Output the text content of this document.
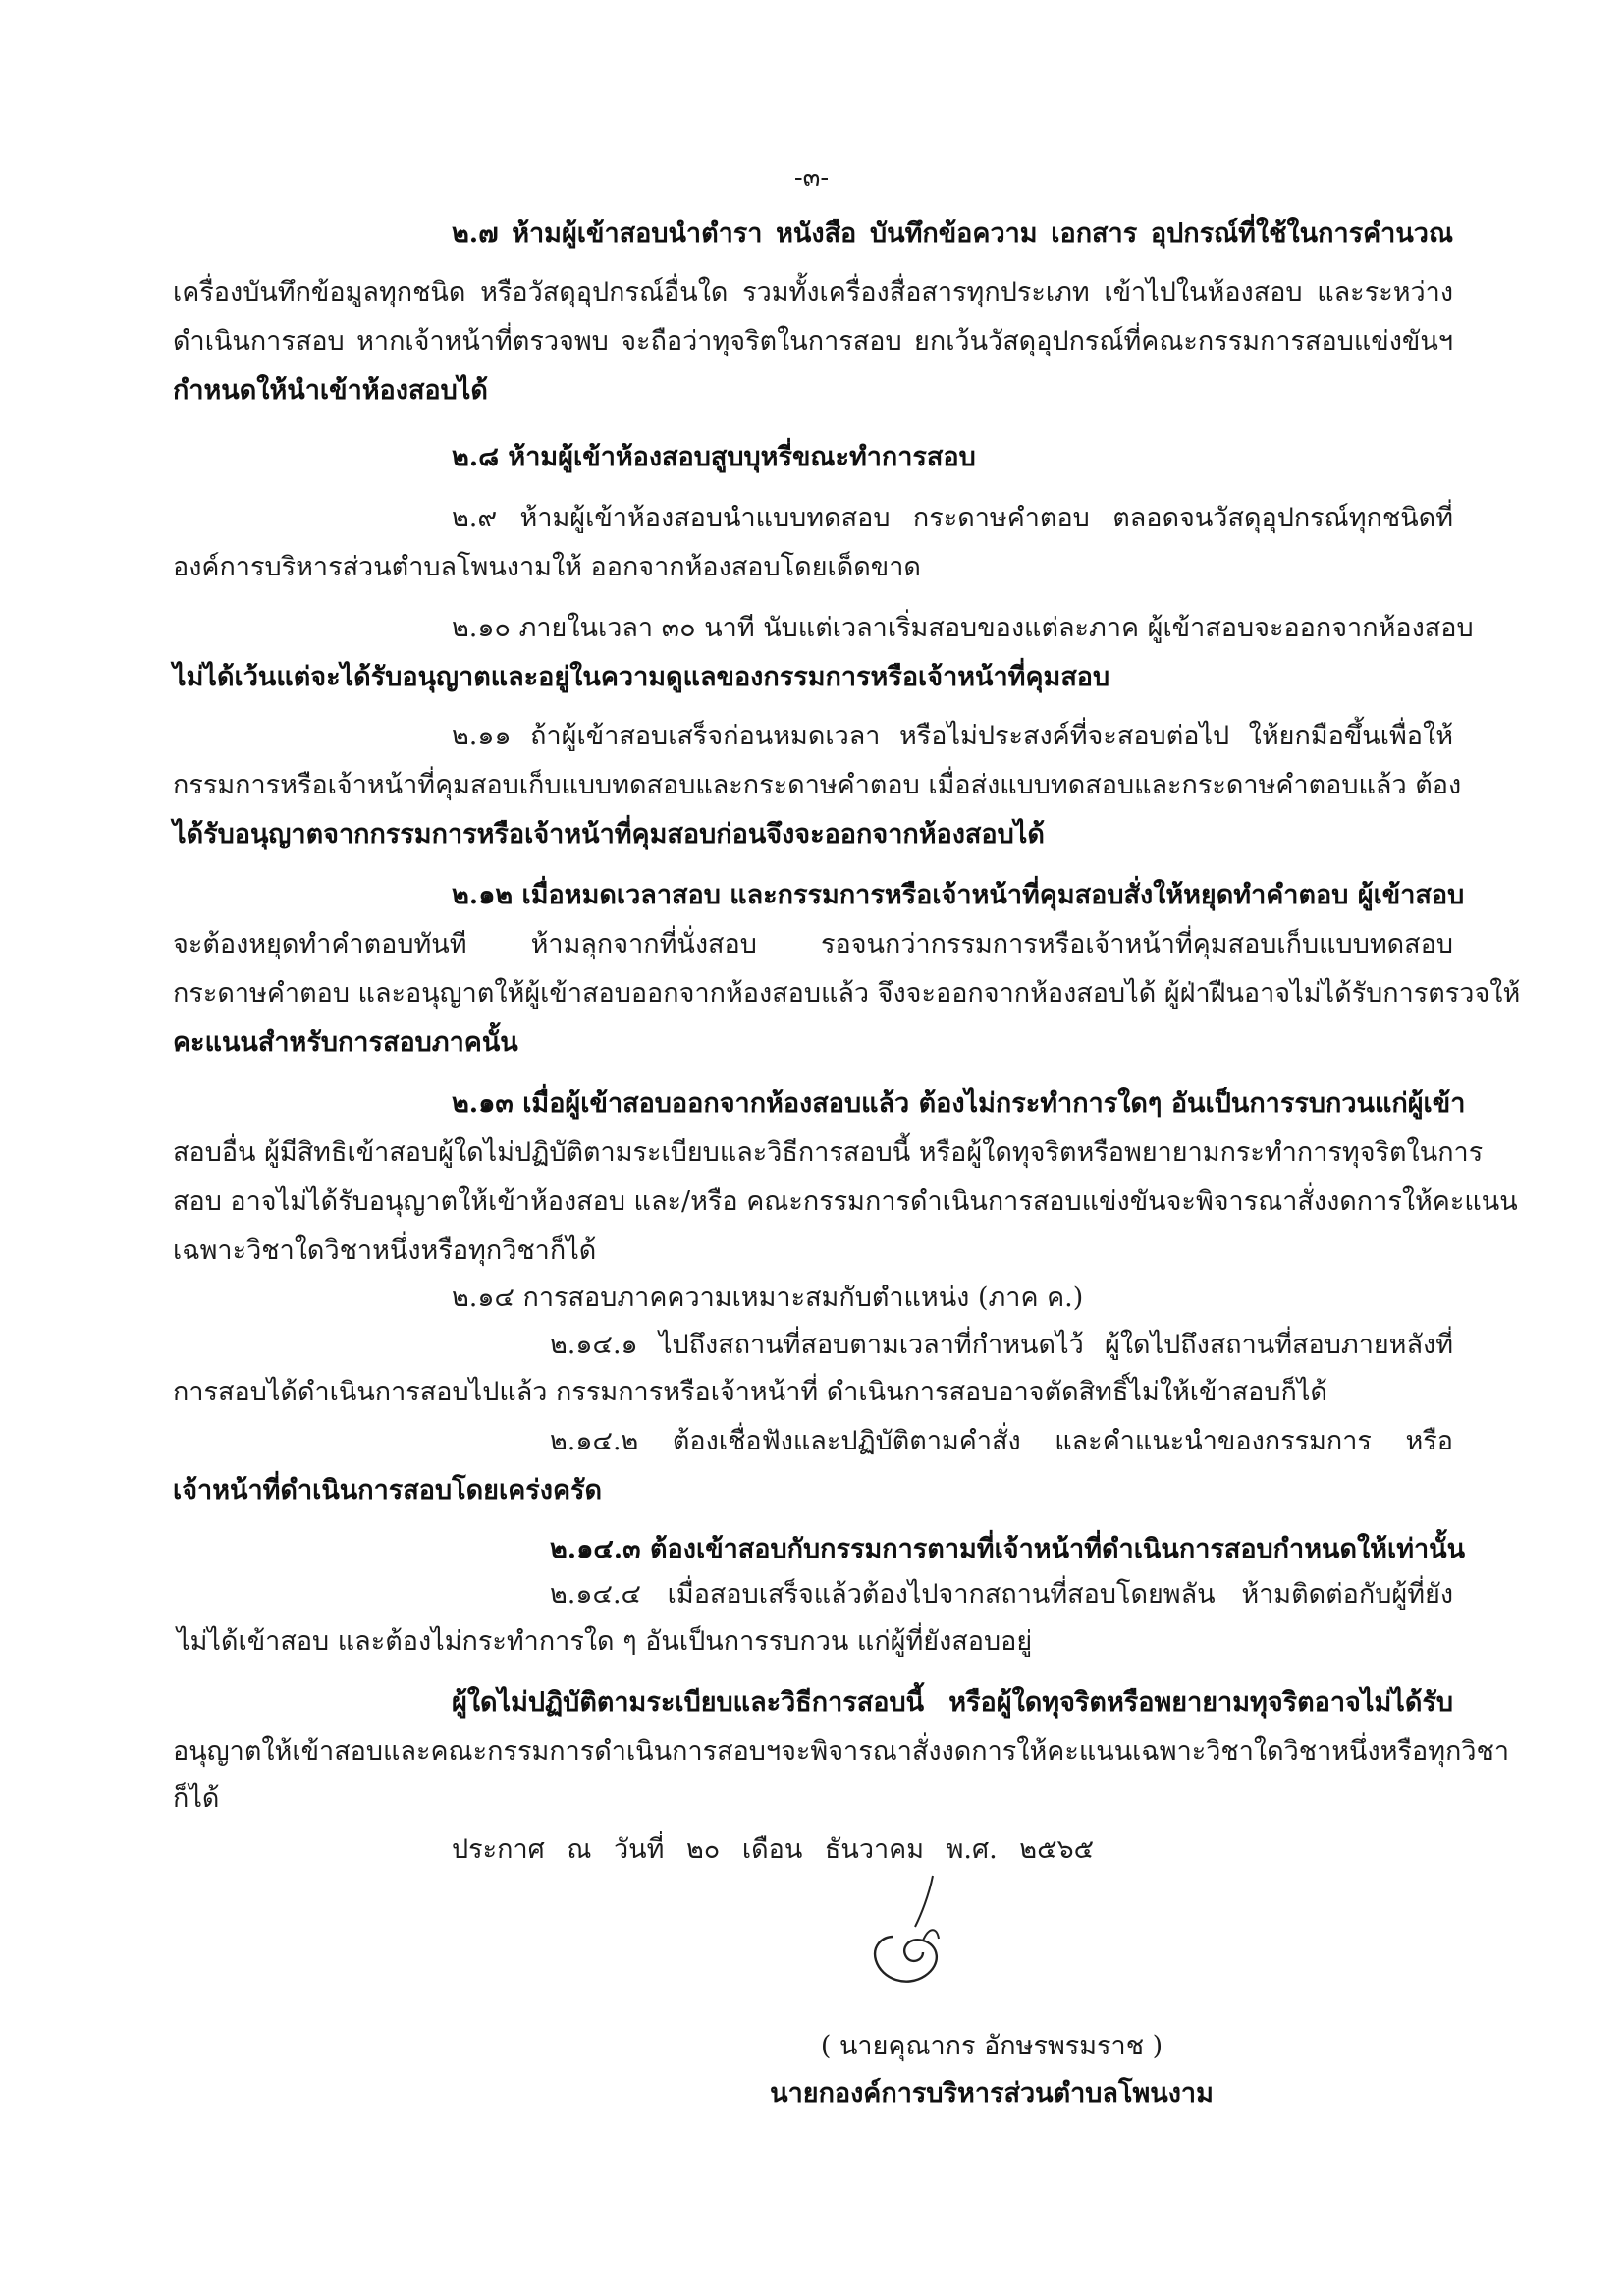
-๓-
๒.๗ ห้ามผู้เข้าสอบนำตำรา หนังสือ บันทึกข้อความ เอกสาร อุปกรณ์ที่ใช้ในการคำนวณ
เครื่องบันทึกข้อมูลทุกชนิด หรือวัสดุอุปกรณ์อื่นใด รวมทั้งเครื่องสื่อสารทุกประเภท เข้าไปในห้องสอบ และระหว่าง
ดำเนินการสอบ หากเจ้าหน้าที่ตรวจพบ จะถือว่าทุจริตในการสอบ ยกเว้นวัสดุอุปกรณ์ที่คณะกรรมการสอบแข่งขันฯ
กำหนดให้นำเข้าห้องสอบได้
๒.๘ ห้ามผู้เข้าห้องสอบสูบบุหรี่ขณะทำการสอบ
๒.๙ ห้ามผู้เข้าห้องสอบนำแบบทดสอบ กระดาษคำตอบ ตลอดจนวัสดุอุปกรณ์ทุกชนิดที่
องค์การบริหารส่วนตำบลโพนงามให้ ออกจากห้องสอบโดยเด็ดขาด
๒.๑๐ ภายในเวลา ๓๐ นาที นับแต่เวลาเริ่มสอบของแต่ละภาค ผู้เข้าสอบจะออกจากห้องสอบ
ไม่ได้เว้นแต่จะได้รับอนุญาตและอยู่ในความดูแลของกรรมการหรือเจ้าหน้าที่คุมสอบ
๒.๑๑ ถ้าผู้เข้าสอบเสร็จก่อนหมดเวลา หรือไม่ประสงค์ที่จะสอบต่อไป ให้ยกมือขึ้นเพื่อให้
กรรมการหรือเจ้าหน้าที่คุมสอบเก็บแบบทดสอบและกระดาษคำตอบ เมื่อส่งแบบทดสอบและกระดาษคำตอบแล้ว ต้อง
ได้รับอนุญาตจากกรรมการหรือเจ้าหน้าที่คุมสอบก่อนจึงจะออกจากห้องสอบได้
๒.๑๒ เมื่อหมดเวลาสอบ และกรรมการหรือเจ้าหน้าที่คุมสอบสั่งให้หยุดทำคำตอบ ผู้เข้าสอบ
จะต้องหยุดทำคำตอบทันที ห้ามลุกจากที่นั่งสอบ รอจนกว่ากรรมการหรือเจ้าหน้าที่คุมสอบเก็บแบบทดสอบ
กระดาษคำตอบ และอนุญาตให้ผู้เข้าสอบออกจากห้องสอบแล้ว จึงจะออกจากห้องสอบได้ ผู้ฝ่าฝืนอาจไม่ได้รับการตรวจให้
คะแนนสำหรับการสอบภาคนั้น
๒.๑๓ เมื่อผู้เข้าสอบออกจากห้องสอบแล้ว ต้องไม่กระทำการใดๆ อันเป็นการรบกวนแก่ผู้เข้า
สอบอื่น ผู้มีสิทธิเข้าสอบผู้ใดไม่ปฏิบัติตามระเบียบและวิธีการสอบนี้ หรือผู้ใดทุจริตหรือพยายามกระทำการทุจริตในการ
สอบ อาจไม่ได้รับอนุญาตให้เข้าห้องสอบ และ/หรือ คณะกรรมการดำเนินการสอบแข่งขันจะพิจารณาสั่งงดการให้คะแนน
เฉพาะวิชาใดวิชาหนึ่งหรือทุกวิชาก็ได้
๒.๑๔ การสอบภาคความเหมาะสมกับตำแหน่ง (ภาค ค.)
๒.๑๔.๑ ไปถึงสถานที่สอบตามเวลาที่กำหนดไว้ ผู้ใดไปถึงสถานที่สอบภายหลังที่
การสอบได้ดำเนินการสอบไปแล้ว กรรมการหรือเจ้าหน้าที่ ดำเนินการสอบอาจตัดสิทธิ์ไม่ให้เข้าสอบก็ได้
๒.๑๔.๒ ต้องเชื่อฟังและปฏิบัติตามคำสั่ง และคำแนะนำของกรรมการ หรือ
เจ้าหน้าที่ดำเนินการสอบโดยเคร่งครัด
๒.๑๔.๓ ต้องเข้าสอบกับกรรมการตามที่เจ้าหน้าที่ดำเนินการสอบกำหนดให้เท่านั้น
๒.๑๔.๔ เมื่อสอบเสร็จแล้วต้องไปจากสถานที่สอบโดยพลัน ห้ามติดต่อกับผู้ที่ยัง
ไม่ได้เข้าสอบ และต้องไม่กระทำการใด ๆ อันเป็นการรบกวน แก่ผู้ที่ยังสอบอยู่
ผู้ใดไม่ปฏิบัติตามระเบียบและวิธีการสอบนี้ หรือผู้ใดทุจริตหรือพยายามทุจริตอาจไม่ได้รับ
อนุญาตให้เข้าสอบและคณะกรรมการดำเนินการสอบฯจะพิจารณาสั่งงดการให้คะแนนเฉพาะวิชาใดวิชาหนึ่งหรือทุกวิชา
ก็ได้
ประกาศ ณ วันที่ ๒๐ เดือน ธันวาคม พ.ศ. ๒๕๖๕
( นายคุณากร อักษรพรมราช )
นายกองค์การบริหารส่วนตำบลโพนงาม
